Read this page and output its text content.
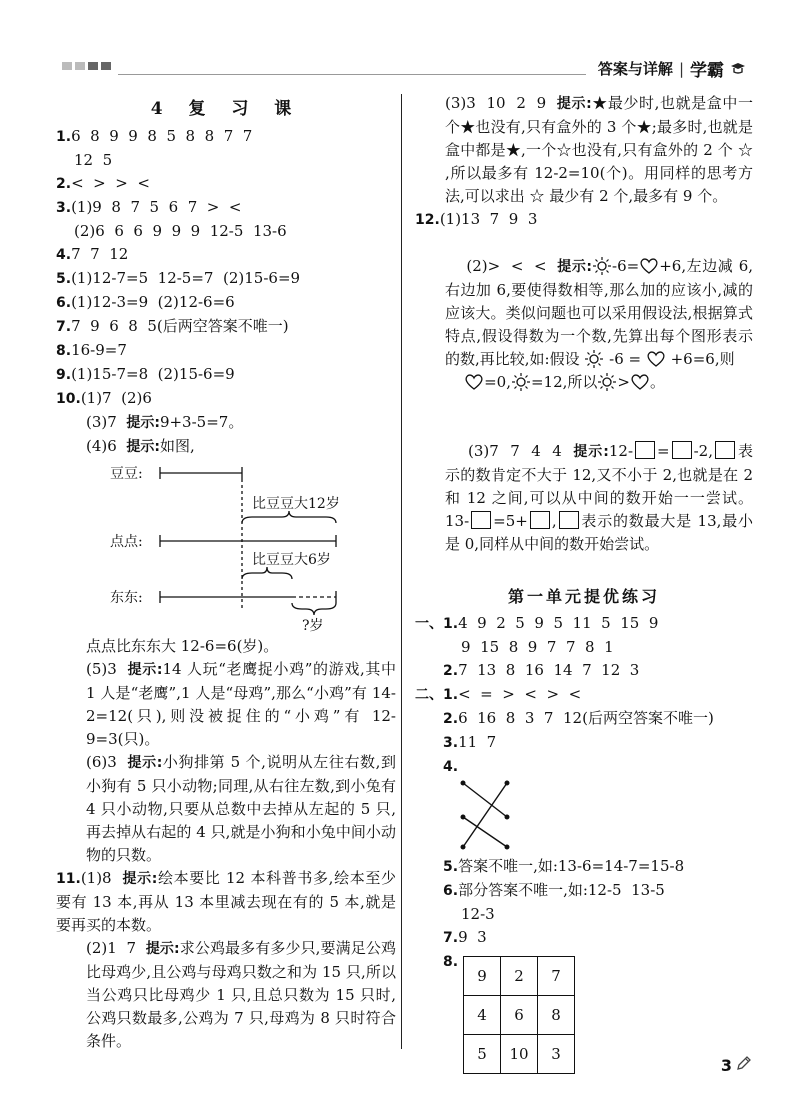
答案与详解 | 学霸
4 复 习 课
1.6  8  9  9  8  5  8  8  7  7
12  5
2.<  >  >  <
3.(1)9  8  7  5  6  7  >  <
(2)6  6  6  9  9  9  12-5  13-6
4.7  7  12
5.(1)12-7=5  12-5=7  (2)15-6=9
6.(1)12-3=9  (2)12-6=6
7.7  9  6  8  5(后两空答案不唯一)
8.16-9=7
9.(1)15-7=8  (2)15-6=9
10.(1)7  (2)6
(3)7  提示:9+3-5=7。
(4)6  提示:如图,
豆豆:
点点:
东东:
比豆豆大12岁
比豆豆大6岁
?岁
点点比东东大 12-6=6(岁)。
(5)3  提示:14 人玩“老鹰捉小鸡”的游戏,其中 1 人是“老鹰”,1 人是“母鸡”,那么“小鸡”有 14-2=12(只),则没被捉住的“小鸡”有 12-9=3(只)。
(6)3  提示:小狗排第 5 个,说明从左往右数,到小狗有 5 只小动物;同理,从右往左数,到小兔有 4 只小动物,只要从总数中去掉从左起的 5 只,再去掉从右起的 4 只,就是小狗和小兔中间小动物的只数。
11.(1)8  提示:绘本要比 12 本科普书多,绘本至少要有 13 本,再从 13 本里减去现在有的 5 本,就是要再买的本数。
(2)1  7  提示:求公鸡最多有多少只,要满足公鸡比母鸡少,且公鸡与母鸡只数之和为 15 只,所以当公鸡只比母鸡少 1 只,且总只数为 15 只时,公鸡只数最多,公鸡为 7 只,母鸡为 8 只时符合条件。
(3)3  10  2  9  提示:★最少时,也就是盒中一个★也没有,只有盒外的 3 个★;最多时,也就是盒中都是★,一个☆也没有,只有盒外的 2 个 ☆ ,所以最多有 12-2=10(个)。用同样的思考方法,可以求出 ☆ 最少有 2 个,最多有 9 个。
12.(1)13  7  9  3

(2)>  <  <  提示: -6= +6,左边减 6,右边加 6,要使得数相等,那么加的应该小,减的应该大。类似问题也可以采用假设法,根据算式特点,假设得数为一个数,先算出每个图形表示的数,再比较,如:假设  -6 =  +6=6,则
=0, =12,所以 > 。

(3)7  7  4  4  提示:12- = -2, 表示的数肯定不大于 12,又不小于 2,也就是在 2 和 12 之间,可以从中间的数开始一一尝试。13- =5+ , 表示的数最大是 13,最小是 0,同样从中间的数开始尝试。

第一单元提优练习
一、1.4  9  2  5  9  5  11  5  15  9
9  15  8  9  7  7  8  1
2.7  13  8  16  14  7  12  3
二、1.<  =  >  <  >  <
2.6  16  8  3  7  12(后两空答案不唯一)
3.11  7
4.
5.答案不唯一,如:13-6=14-7=15-8
6.部分答案不唯一,如:12-5  13-5
12-3
7.9  3
8.
9	2	7
4	6	8
5	10	3
3
